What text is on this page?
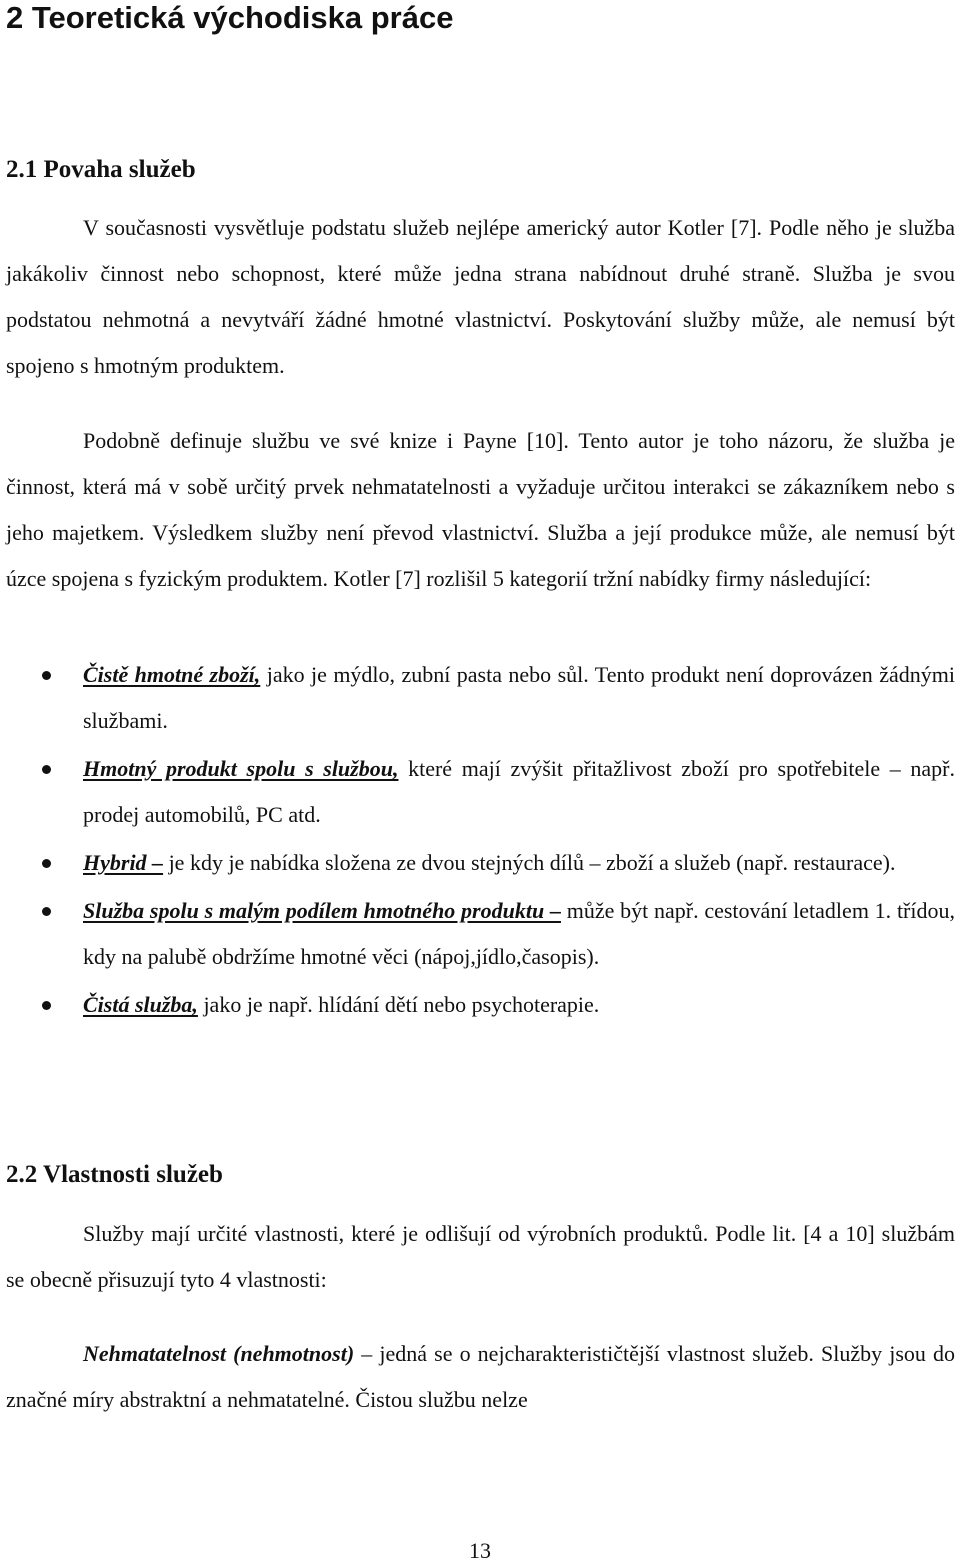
2 Teoretická východiska práce
2.1 Povaha služeb

V současnosti vysvětluje podstatu služeb nejlépe americký autor Kotler [7]. Podle něho je služba jakákoliv činnost nebo schopnost, které může jedna strana nabídnout druhé straně. Služba je svou podstatou nehmotná a nevytváří žádné hmotné vlastnictví. Poskytování služby může, ale nemusí být spojeno s hmotným produktem.

Podobně definuje službu ve své knize i Payne [10]. Tento autor je toho názoru, že služba je činnost, která má v sobě určitý prvek nehmatatelnosti a vyžaduje určitou interakci se zákazníkem nebo s jeho majetkem. Výsledkem služby není převod vlastnictví. Služba a její produkce může, ale nemusí být úzce spojena s fyzickým produktem. Kotler [7] rozlišil 5 kategorií tržní nabídky firmy následující:

Čistě hmotné zboží, jako je mýdlo, zubní pasta nebo sůl. Tento produkt není doprovázen žádnými službami.
Hmotný produkt spolu s službou, které mají zvýšit přitažlivost zboží pro spotřebitele – např. prodej automobilů, PC atd.
Hybrid – je kdy je nabídka složena ze dvou stejných dílů – zboží a služeb (např. restaurace).
Služba spolu s malým podílem hmotného produktu – může být např. cestování letadlem 1. třídou, kdy na palubě obdržíme hmotné věci (nápoj,jídlo,časopis).
Čistá služba, jako je např. hlídání dětí nebo psychoterapie.
2.2 Vlastnosti služeb

Služby mají určité vlastnosti, které je odlišují od výrobních produktů. Podle lit. [4 a 10] službám se obecně přisuzují tyto 4 vlastnosti:

Nehmatatelnost (nehmotnost) – jedná se o nejcharakterističtější vlastnost služeb. Služby jsou do značné míry abstraktní a nehmatatelné. Čistou službu nelze

13
